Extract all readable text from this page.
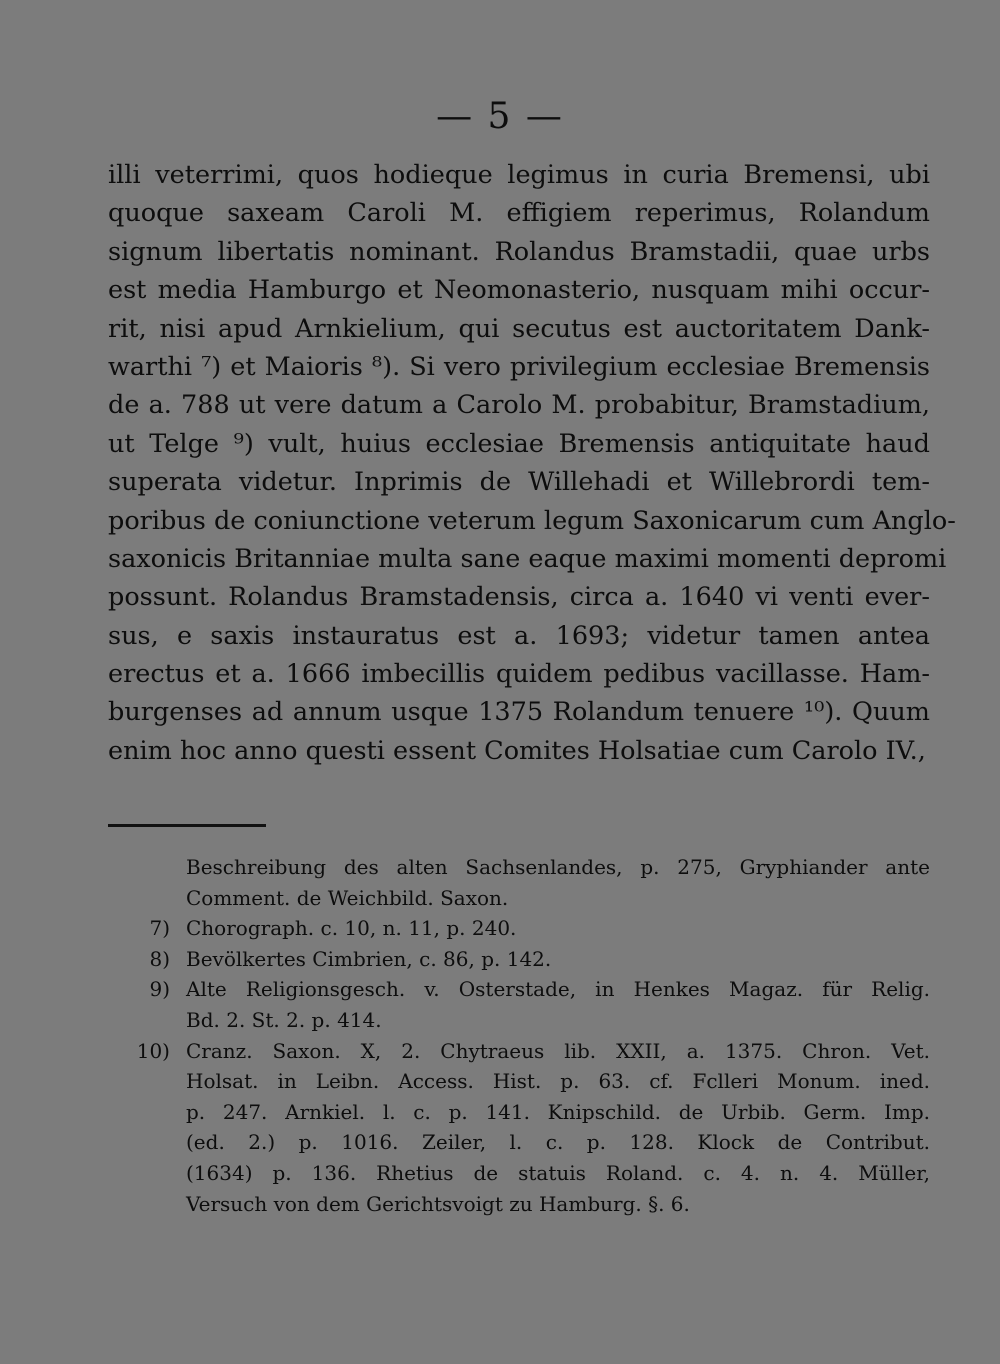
— 5 —
illi veterrimi, quos hodieque legimus in curia Bremensi, ubi
quoque saxeam Caroli M. effigiem reperimus, Rolandum
signum libertatis nominant. Rolandus Bramstadii, quae urbs
est media Hamburgo et Neomonasterio, nusquam mihi occur-
rit, nisi apud Arnkielium, qui secutus est auctoritatem Dank-
warthi ⁷) et Maioris ⁸). Si vero privilegium ecclesiae Bremensis
de a. 788 ut vere datum a Carolo M. probabitur, Bramstadium,
ut Telge ⁹) vult, huius ecclesiae Bremensis antiquitate haud
superata videtur. Inprimis de Willehadi et Willebrordi tem-
poribus de coniunctione veterum legum Saxonicarum cum Anglo-
saxonicis Britanniae multa sane eaque maximi momenti depromi
possunt. Rolandus Bramstadensis, circa a. 1640 vi venti ever-
sus, e saxis instauratus est a. 1693; videtur tamen antea
erectus et a. 1666 imbecillis quidem pedibus vacillasse. Ham-
burgenses ad annum usque 1375 Rolandum tenuere ¹⁰). Quum
enim hoc anno questi essent Comites Holsatiae cum Carolo IV.,
Beschreibung des alten Sachsenlandes, p. 275, Gryphiander ante
Comment. de Weichbild. Saxon.
7) Chorograph. c. 10, n. 11, p. 240.
8) Bevölkertes Cimbrien, c. 86, p. 142.
9) Alte Religionsgesch. v. Osterstade, in Henkes Magaz. für Relig.
Bd. 2. St. 2. p. 414.
10) Cranz. Saxon. X, 2. Chytraeus lib. XXII, a. 1375. Chron. Vet.
Holsat. in Leibn. Access. Hist. p. 63. cf. Fclleri Monum. ined.
p. 247. Arnkiel. l. c. p. 141. Knipschild. de Urbib. Germ. Imp.
(ed. 2.) p. 1016. Zeiler, l. c. p. 128. Klock de Contribut.
(1634) p. 136. Rhetius de statuis Roland. c. 4. n. 4. Müller,
Versuch von dem Gerichtsvoigt zu Hamburg. §. 6.
